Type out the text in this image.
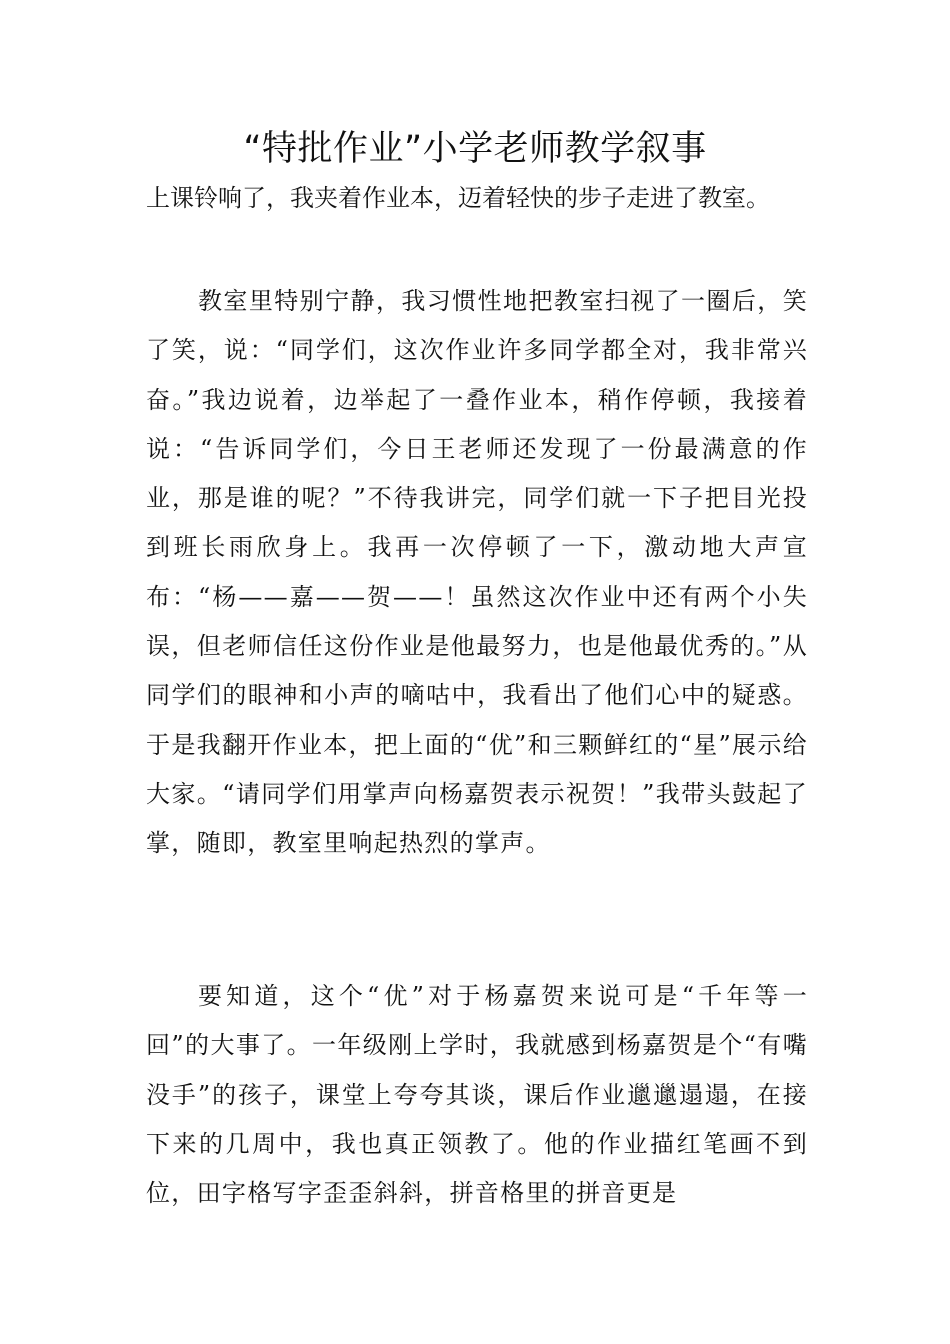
“特批作业”小学老师教学叙事

上课铃响了，我夹着作业本，迈着轻快的步子走进了教室。

教室里特别宁静，我习惯性地把教室扫视了一圈后，笑了笑，说：“同学们，这次作业许多同学都全对，我非常兴奋。”我边说着，边举起了一叠作业本，稍作停顿，我接着说：“告诉同学们，今日王老师还发现了一份最满意的作业，那是谁的呢？”不待我讲完，同学们就一下子把目光投到班长雨欣身上。我再一次停顿了一下，激动地大声宣布：“杨——嘉——贺——！虽然这次作业中还有两个小失误，但老师信任这份作业是他最努力，也是他最优秀的。”从同学们的眼神和小声的嘀咕中，我看出了他们心中的疑惑。于是我翻开作业本，把上面的“优”和三颗鲜红的“星”展示给大家。“请同学们用掌声向杨嘉贺表示祝贺！”我带头鼓起了掌，随即，教室里响起热烈的掌声。

要知道，这个“优”对于杨嘉贺来说可是“千年等一回”的大事了。一年级刚上学时，我就感到杨嘉贺是个“有嘴没手”的孩子，课堂上夸夸其谈，课后作业邋邋遢遢，在接下来的几周中，我也真正领教了。他的作业描红笔画不到位，田字格写字歪歪斜斜，拼音格里的拼音更是
